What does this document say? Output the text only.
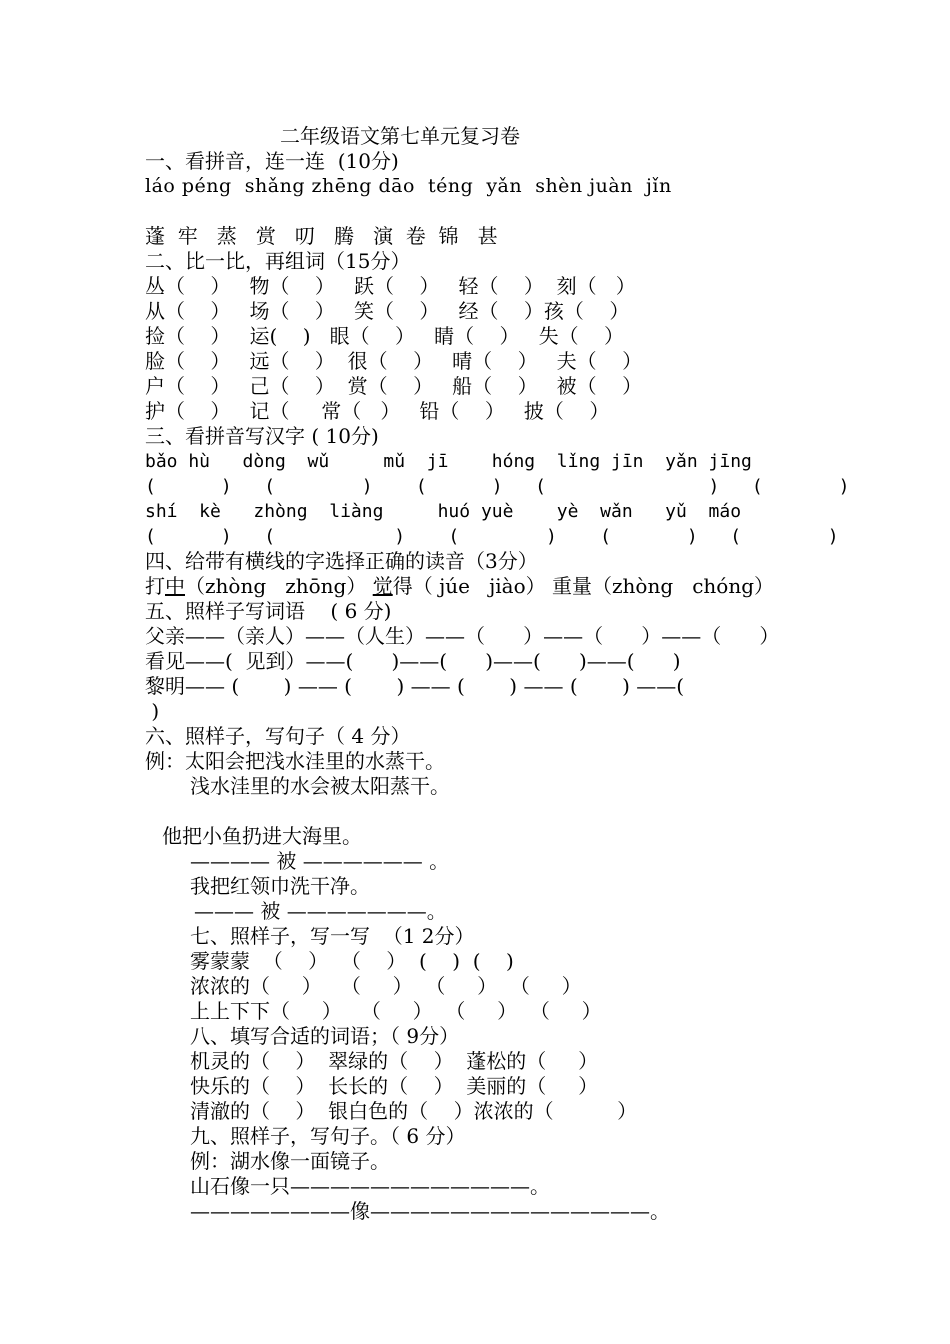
二年级语文第七单元复习卷
一、看拼音，连一连  (10分)
láo péng  shǎng zhēng dāo  téng  yǎn  shèn juàn  jǐn
蓬  牢   蒸   赏   叨   腾   演  卷  锦   甚
二、比一比，再组词（15分）
丛（    ）   物（    ）   跃（    ）   轻（    ）  刻（   ）
从（    ）   场（    ）   笑（    ）   经（    ）孩（    ）
捡（    ）   运(    )   眼（    ）   睛（    ）   失（    ）
脸（    ）   远（    ）  很（    ）   晴（    ）   夫（    ）
户（    ）   己（    ）  赏（    ）   船（    ）   被（    ）
护（    ）   记（     常（   ）   铅（    ）   披（    ）
三、看拼音写汉字 ( 10分)
bǎo hù   dòng  wǔ     mǔ  jī    hóng  lǐng jīn  yǎn jīng
(      )   (        )    (      )   (               )   (       )
shí  kè   zhòng  liàng     huó yuè    yè  wǎn   yǔ  máo
(      )   (           )    (        )    (       )   (        )
四、给带有横线的字选择正确的读音（3分）
打中（zhòng   zhōng） 觉得（ júe   jiào） 重量（zhòng   chóng）
五、照样子写词语    ( 6 分)
父亲——（亲人）——（人生）——（      ）——（      ）——（      ）
看见——(  见到）——(      )——(      )——(      )——(      )
黎明—— (       ) —— (       ) —— (       ) —— (       ) ——(
)
六、照样子，写句子（ 4 分）
例：太阳会把浅水洼里的水蒸干。
浅水洼里的水会被太阳蒸干。
他把小鱼扔进大海里。
———— 被 —————— 。
我把红领巾洗干净。
——— 被 ———————。
七、照样子，写一写  （1 2分）
雾蒙蒙  （    ）  （    ）  (    )  (    )
浓浓的（     ）   （     ）  （     ）  （     ）
上上下下（     ）   （     ）  （     ）  （     ）
八、填写合适的词语；（ 9分）
机灵的（    ）  翠绿的（    ）  蓬松的（     ）
快乐的（    ）  长长的（    ）  美丽的（     ）
清澈的（    ）  银白色的（    ）浓浓的（          ）
九、照样子，写句子。（ 6 分）
例：湖水像一面镜子。
山石像一只————————————。
————————像——————————————。
